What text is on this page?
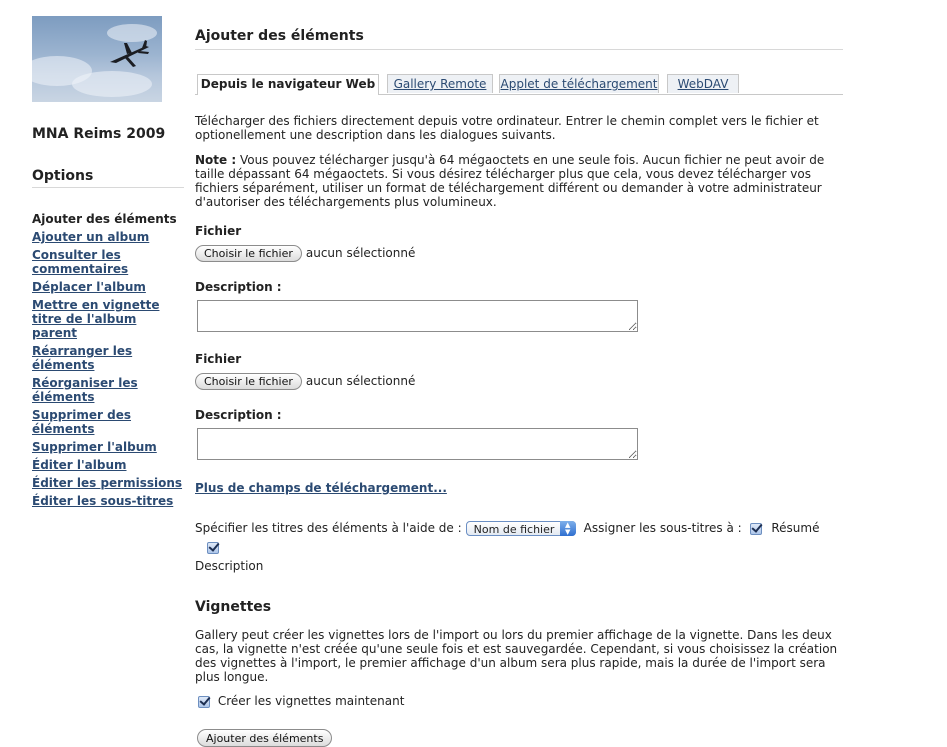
MNA Reims 2009
Options
Ajouter des éléments
Ajouter un album
Consulter les commentaires
Déplacer l'album
Mettre en vignette titre de l'album parent
Réarranger les éléments
Réorganiser les éléments
Supprimer des éléments
Supprimer l'album
Éditer l'album
Éditer les permissions
Éditer les sous-titres
Ajouter des éléments
Depuis le navigateur Web	Gallery Remote	Applet de téléchargement	WebDAV

Télécharger des fichiers directement depuis votre ordinateur. Entrer le chemin complet vers le fichier et optionellement une description dans les dialogues suivants.

Note : Vous pouvez télécharger jusqu'à 64 mégaoctets en une seule fois. Aucun fichier ne peut avoir de taille dépassant 64 mégaoctets. Si vous désirez télécharger plus que cela, vous devez télécharger vos fichiers séparément, utiliser un format de téléchargement différent ou demander à votre administrateur d'autoriser des téléchargements plus volumineux.

Fichier
Choisir le fichier	aucun sélectionné
Description :
Fichier
Choisir le fichier	aucun sélectionné
Description :
Plus de champs de téléchargement...
Spécifier les titres des éléments à l'aide de : Nom de fichier	▲
▼	Assigner les sous-titres à : Résumé
Description
Vignettes

Gallery peut créer les vignettes lors de l'import ou lors du premier affichage de la vignette. Dans les deux cas, la vignette n'est créée qu'une seule fois et est sauvegardée. Cependant, si vous choisissez la création des vignettes à l'import, le premier affichage d'un album sera plus rapide, mais la durée de l'import sera plus longue.

Créer les vignettes maintenant
Ajouter des éléments
